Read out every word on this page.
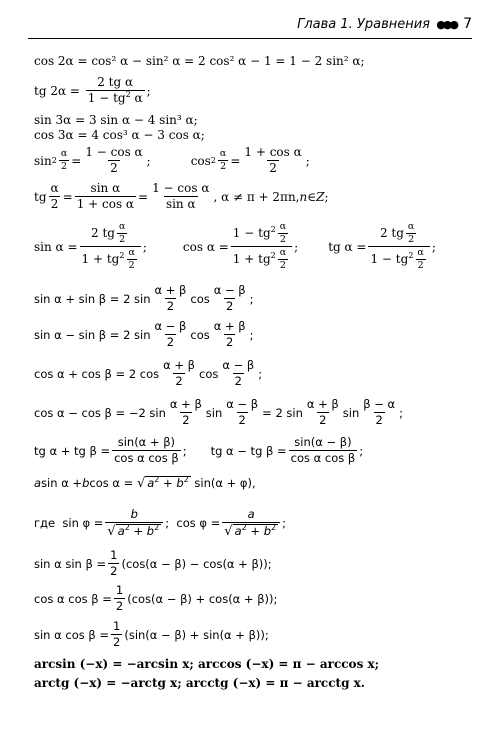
Глава 1. Уравнения ●●● 7
cos 2α = cos² α − sin² α = 2 cos² α − 1 = 1 − 2 sin² α;
tg $2\alpha = \frac{\text{2 tg α}}{1 - tg^2 \alpha}$ ;
sin 3α = 3 sin α − 4 sin³ α;
cos 3α = 4 cos³ α − 3 cos α;
$\sin 2 \frac{\alpha}{2} = \frac{\text{1 − cos α}}{2}$ ;	$\cos 2 \frac{\alpha}{2} = \frac{\text{1 + cos α}}{2}$ ;
tg $\frac{\alpha}{2} = \frac{\text{sin α}}{\text{1 + cos α}} = \frac{\text{1 − cos α}}{\text{sin α}}$ , α ≠ π + 2πn, n ∈ Z ;
$\sin \alpha = \frac{2 tg \frac{\alpha}{2}}{1 + tg^2 \frac{\alpha}{2}}$ ;	$\cos \alpha = \frac{1 - tg^2 \frac{\alpha}{2}}{1 + tg^2 \frac{\alpha}{2}}$ ;	tg $\alpha = \frac{2 tg \frac{\alpha}{2}}{1 - tg^2 \frac{\alpha}{2}}$ ;
sin α + sin β = 2 $\sin \frac{\alpha + \beta}{2}$ $\cos \frac{\alpha - \beta}{2}$ ;
sin α − sin β = 2 $\sin \frac{\alpha - \beta}{2}$ $\cos \frac{\alpha + \beta}{2}$ ;
cos α + cos β = 2 $\cos \frac{\alpha + \beta}{2}$ $\cos \frac{\alpha - \beta}{2}$ ;
cos α − cos β = −2 $\sin \frac{\alpha + \beta}{2}$ $\sin \frac{\alpha - \beta}{2} = 2$ $\sin \frac{\alpha + \beta}{2}$ $\sin \frac{\beta - \alpha}{2}$ ;
tg α + tg $\beta = \frac{\sin(\alpha + \beta)}{\text{cos α cos β}}$ ;
tg α − tg $\beta = \frac{\sin(\alpha - \beta)}{\text{cos α cos β}}$ ;
a sin α + b cos α = √ $a^2 + b^2$ sin(α + φ),
где  $\sin \varphi = \frac{b}{√ a^2 + b^2}$ ;  $\cos \varphi = \frac{a}{√ a^2 + b^2}$ ;
sin α $\sin \beta = \frac{1}{2} (\cos(\alpha - \beta) - \cos(\alpha + \beta))$;
cos α $\cos \beta = \frac{1}{2} (\cos(\alpha - \beta) + \cos(\alpha + \beta))$;
sin α $\cos \beta = \frac{1}{2} (\sin(\alpha - \beta) + \sin(\alpha + \beta))$;
arcsin (−x) = −arcsin x; arccos (−x) = π − arccos x;
arctg (−x) = −arctg x; arcctg (−x) = π − arcctg x.
